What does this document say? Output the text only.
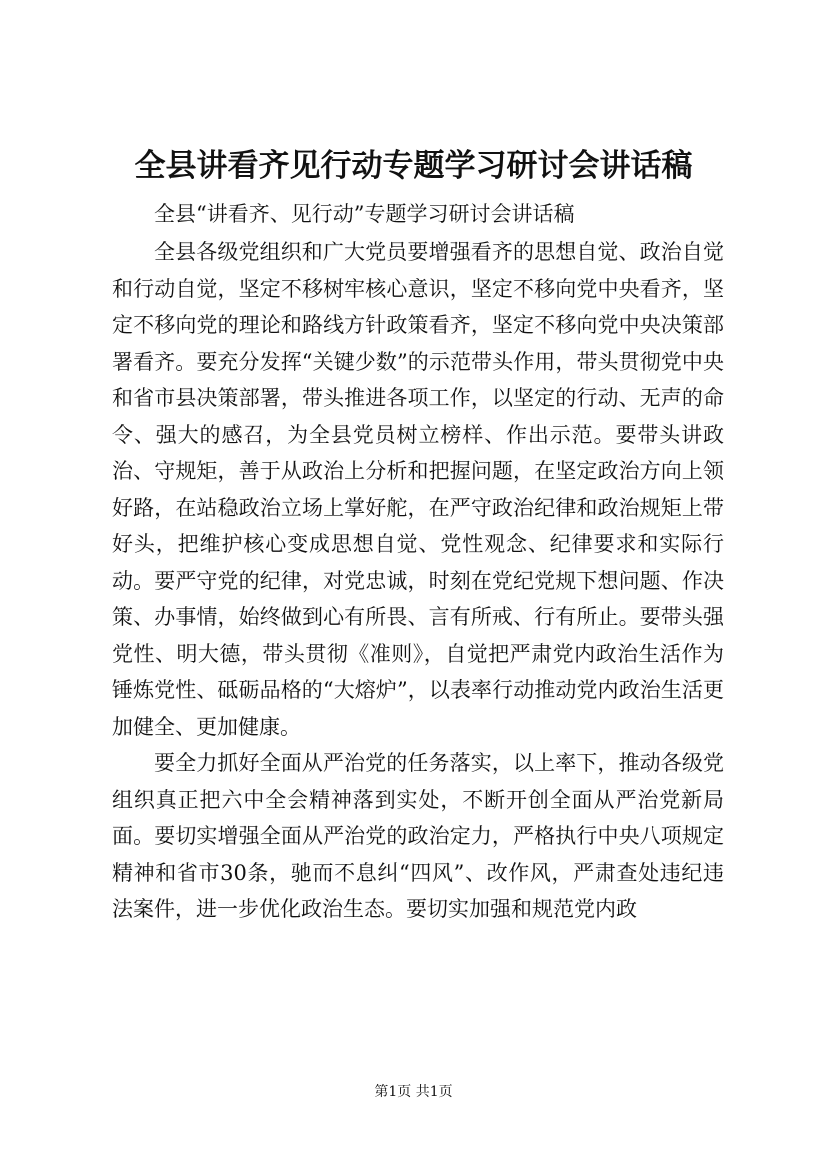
全县讲看齐见行动专题学习研讨会讲话稿
全县“讲看齐、见行动”专题学习研讨会讲话稿

全县各级党组织和广大党员要增强看齐的思想自觉、政治自觉和行动自觉，坚定不移树牢核心意识，坚定不移向党中央看齐，坚定不移向党的理论和路线方针政策看齐，坚定不移向党中央决策部署看齐。要充分发挥“关键少数”的示范带头作用，带头贯彻党中央和省市县决策部署，带头推进各项工作，以坚定的行动、无声的命令、强大的感召，为全县党员树立榜样、作出示范。要带头讲政治、守规矩，善于从政治上分析和把握问题，在坚定政治方向上领好路，在站稳政治立场上掌好舵，在严守政治纪律和政治规矩上带好头，把维护核心变成思想自觉、党性观念、纪律要求和实际行动。要严守党的纪律，对党忠诚，时刻在党纪党规下想问题、作决策、办事情，始终做到心有所畏、言有所戒、行有所止。要带头强党性、明大德，带头贯彻《准则》，自觉把严肃党内政治生活作为锤炼党性、砥砺品格的“大熔炉”，以表率行动推动党内政治生活更加健全、更加健康。

要全力抓好全面从严治党的任务落实，以上率下，推动各级党组织真正把六中全会精神落到实处，不断开创全面从严治党新局面。要切实增强全面从严治党的政治定力，严格执行中央八项规定精神和省市30条，驰而不息纠“四风”、改作风，严肃查处违纪违法案件，进一步优化政治生态。要切实加强和规范党内政

第1页 共1页
